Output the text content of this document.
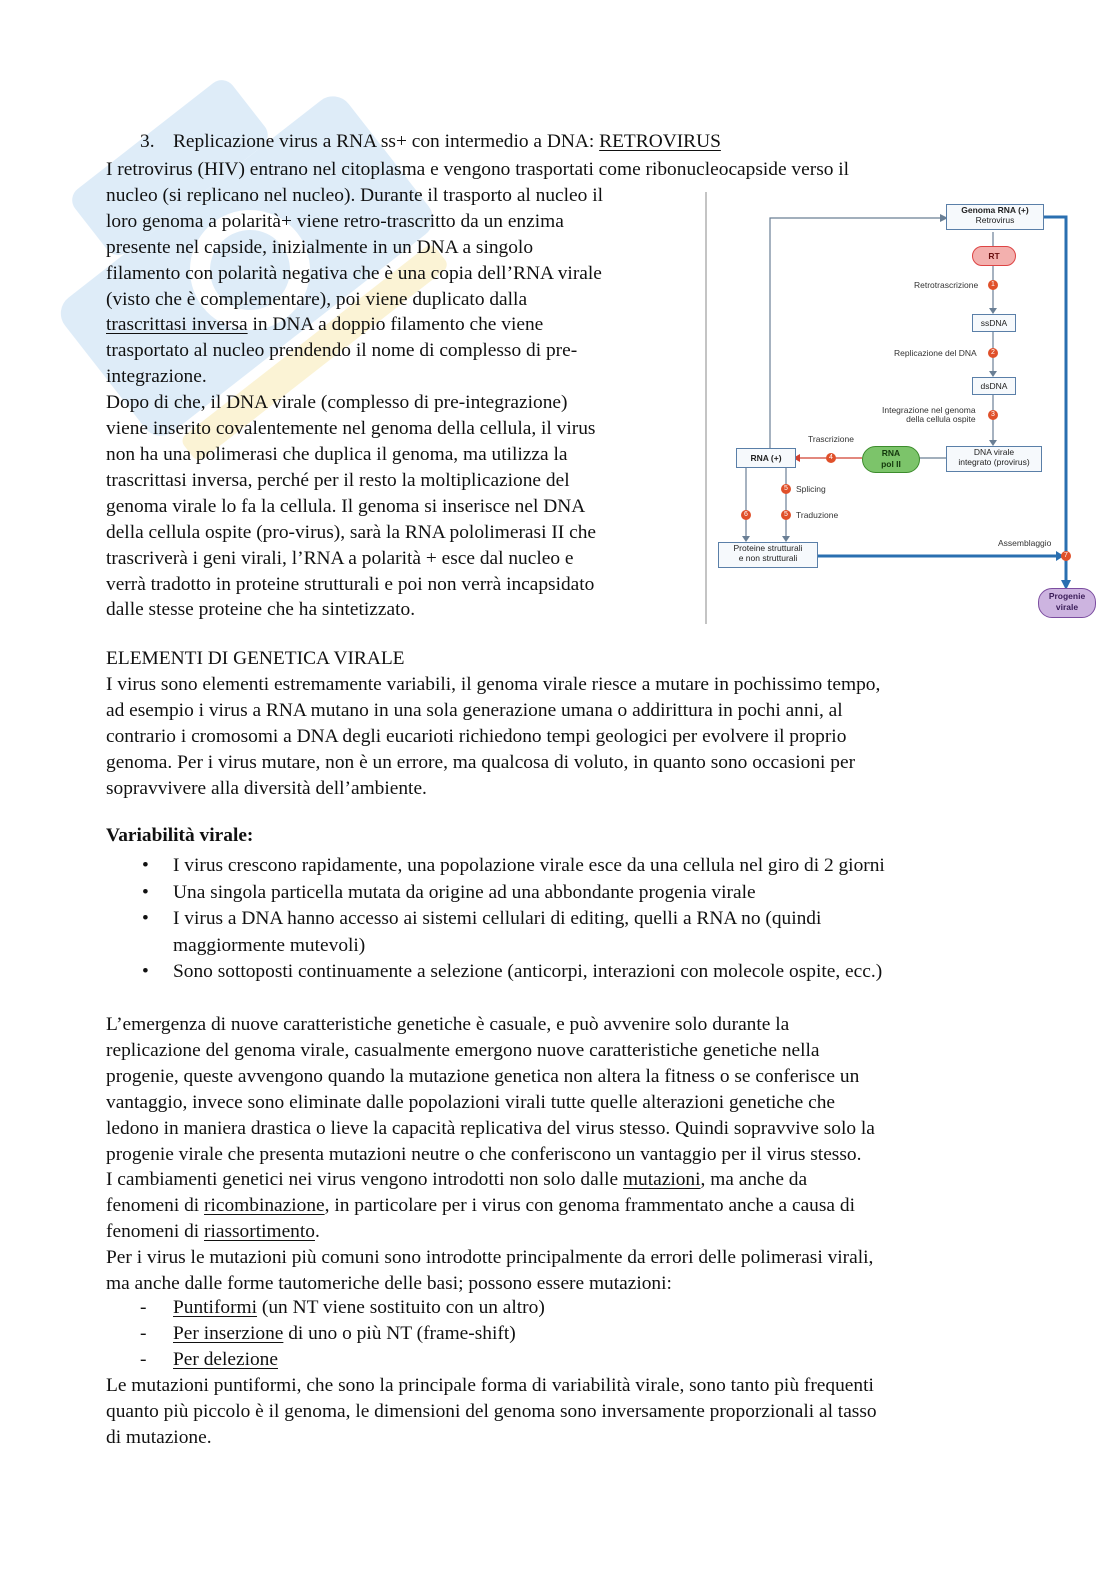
3. Replicazione virus a RNA ss+ con intermedio a DNA: RETROVIRUS
I retrovirus (HIV) entrano nel citoplasma e vengono trasportati come ribonucleocapside verso il
nucleo (si replicano nel nucleo). Durante il trasporto al nucleo il
loro genoma a polarità+ viene retro-trascritto da un enzima
presente nel capside, inizialmente in un DNA a singolo
filamento con polarità negativa che è una copia dell’RNA virale
(visto che è complementare), poi viene duplicato dalla
trascrittasi inversa in DNA a doppio filamento che viene
trasportato al nucleo prendendo il nome di complesso di pre-
integrazione.
Dopo di che, il DNA virale (complesso di pre-integrazione)
viene inserito covalentemente nel genoma della cellula, il virus
non ha una polimerasi che duplica il genoma, ma utilizza la
trascrittasi inversa, perché per il resto la moltiplicazione del
genoma virale lo fa la cellula. Il genoma si inserisce nel DNA
della cellula ospite (pro-virus), sarà la RNA pololimerasi II che
trascriverà i geni virali, l’RNA a polarità + esce dal nucleo e
verrà tradotto in proteine strutturali e poi non verrà incapsidato
dalle stesse proteine che ha sintetizzato.
Genoma RNA (+)
Retrovirus
RT
Retrotrascrizione	1
ssDNA
Replicazione del DNA	2
dsDNA
Integrazione nel genoma
della cellula ospite	3
DNA virale
integrato (provirus)
RNA
pol II
Trascrizione
4
RNA (+)
5 Splicing
5 Traduzione
6
Proteine strutturali
e non strutturali
Assemblaggio
7
Progenie
virale
ELEMENTI DI GENETICA VIRALE
I virus sono elementi estremamente variabili, il genoma virale riesce a mutare in pochissimo tempo,
ad esempio i virus a RNA mutano in una sola generazione umana o addirittura in pochi anni, al
contrario i cromosomi a DNA degli eucarioti richiedono tempi geologici per evolvere il proprio
genoma. Per i virus mutare, non è un errore, ma qualcosa di voluto, in quanto sono occasioni per
sopravvivere alla diversità dell’ambiente.
Variabilità virale:
• I virus crescono rapidamente, una popolazione virale esce da una cellula nel giro di 2 giorni
• Una singola particella mutata da origine ad una abbondante progenia virale
• I virus a DNA hanno accesso ai sistemi cellulari di editing, quelli a RNA no (quindi
maggiormente mutevoli)
• Sono sottoposti continuamente a selezione (anticorpi, interazioni con molecole ospite, ecc.)
L’emergenza di nuove caratteristiche genetiche è casuale, e può avvenire solo durante la
replicazione del genoma virale, casualmente emergono nuove caratteristiche genetiche nella
progenie, queste avvengono quando la mutazione genetica non altera la fitness o se conferisce un
vantaggio, invece sono eliminate dalle popolazioni virali tutte quelle alterazioni genetiche che
ledono in maniera drastica o lieve la capacità replicativa del virus stesso. Quindi sopravvive solo la
progenie virale che presenta mutazioni neutre o che conferiscono un vantaggio per il virus stesso.
I cambiamenti genetici nei virus vengono introdotti non solo dalle mutazioni, ma anche da
fenomeni di ricombinazione, in particolare per i virus con genoma frammentato anche a causa di
fenomeni di riassortimento.
Per i virus le mutazioni più comuni sono introdotte principalmente da errori delle polimerasi virali,
ma anche dalle forme tautomeriche delle basi; possono essere mutazioni:
- Puntiformi (un NT viene sostituito con un altro)
- Per inserzione di uno o più NT (frame-shift)
- Per delezione
Le mutazioni puntiformi, che sono la principale forma di variabilità virale, sono tanto più frequenti
quanto più piccolo è il genoma, le dimensioni del genoma sono inversamente proporzionali al tasso
di mutazione.
